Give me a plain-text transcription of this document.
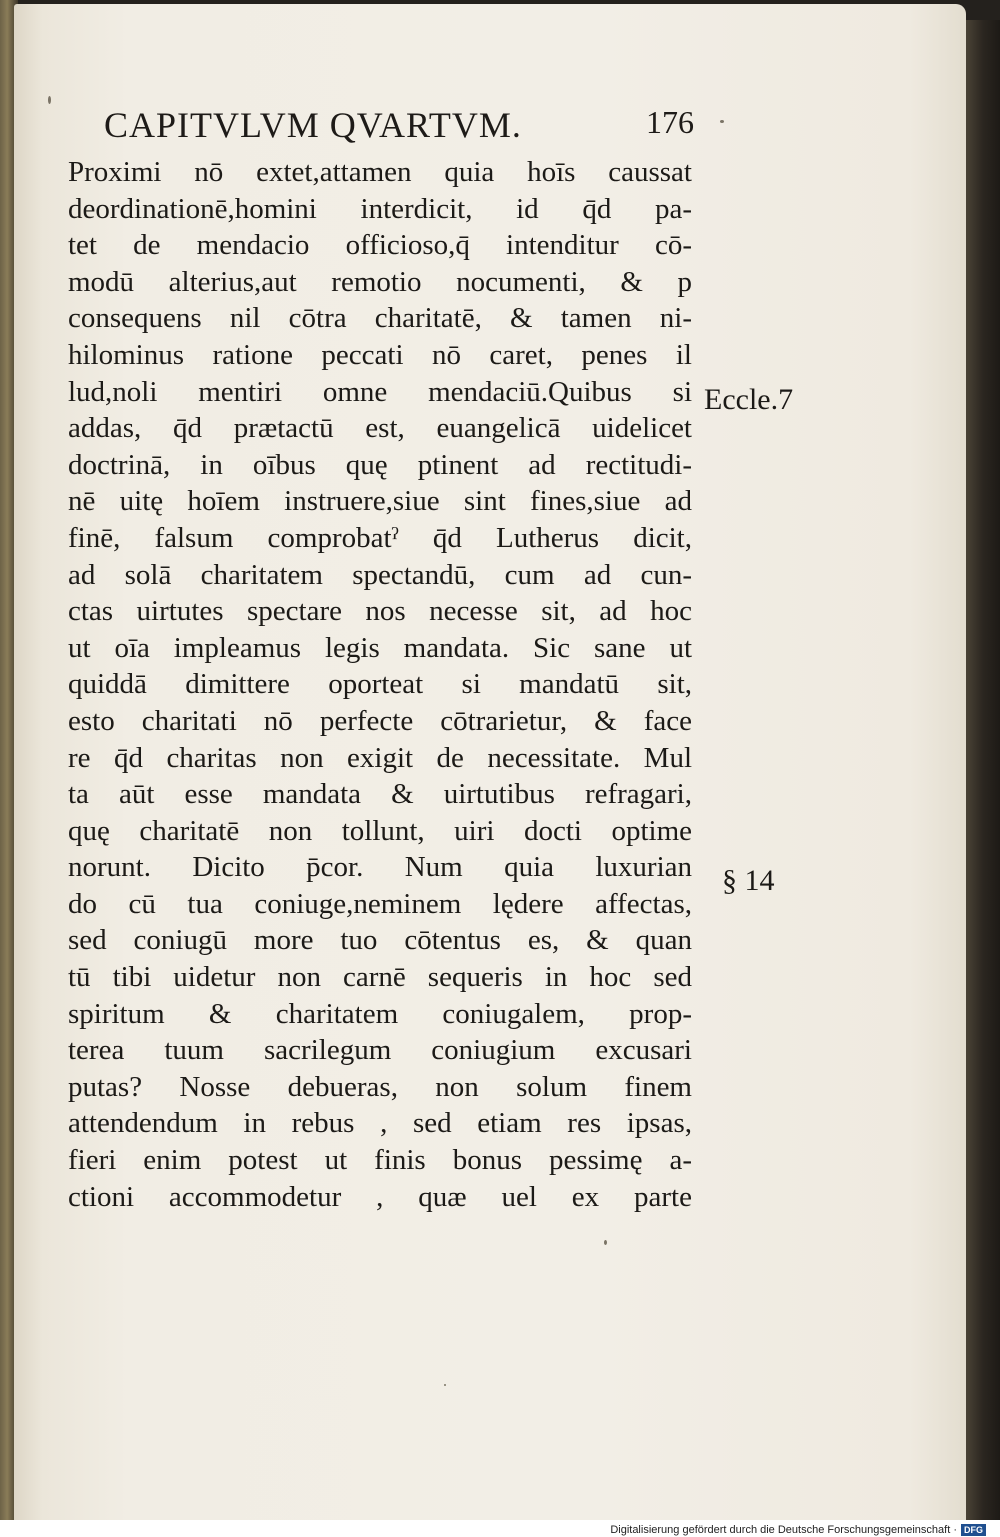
CAPITVLVM QVARTVM.	176
Proximi nō extet,attamen quia hoīs caussat
deordinationē,homini interdicit, id q̄d pa-
tet de mendacio officioso,q̄ intenditur cō-
modū alterius,aut remotio nocumenti, & p
consequens nil cōtra charitatē, & tamen ni-
hilominus ratione peccati nō caret, penes il
lud,noli mentiri omne mendaciū.Quibus si
addas, q̄d prætactū est, euangelicā uidelicet
doctrinā, in oībus quę ptinent ad rectitudi-
nē uitę hoīem instruere,siue sint fines,siue ad
finē, falsum comprobatˀ q̄d Lutherus dicit,
ad solā charitatem spectandū, cum ad cun-
ctas uirtutes spectare nos necesse sit, ad hoc
ut oīa impleamus legis mandata. Sic sane ut
quiddā dimittere oporteat si mandatū sit,
esto charitati nō perfecte cōtrarietur, & face
re q̄d charitas non exigit de necessitate. Mul
ta aūt esse mandata & uirtutibus refragari,
quę charitatē non tollunt, uiri docti optime
norunt. Dicito p̄cor. Num quia luxurian
do cū tua coniuge,neminem lędere affectas,
sed coniugū more tuo cōtentus es, & quan
tū tibi uidetur non carnē sequeris in hoc sed
spiritum & charitatem coniugalem, prop-
terea tuum sacrilegum coniugium excusari
putas? Nosse debueras, non solum finem
attendendum in rebus , sed etiam res ipsas,
fieri enim potest ut finis bonus pessimę a-
ctioni accommodetur , quæ uel ex parte
Eccle.7
§ 14
Digitalisierung gefördert durch die Deutsche Forschungsgemeinschaft · DFG
